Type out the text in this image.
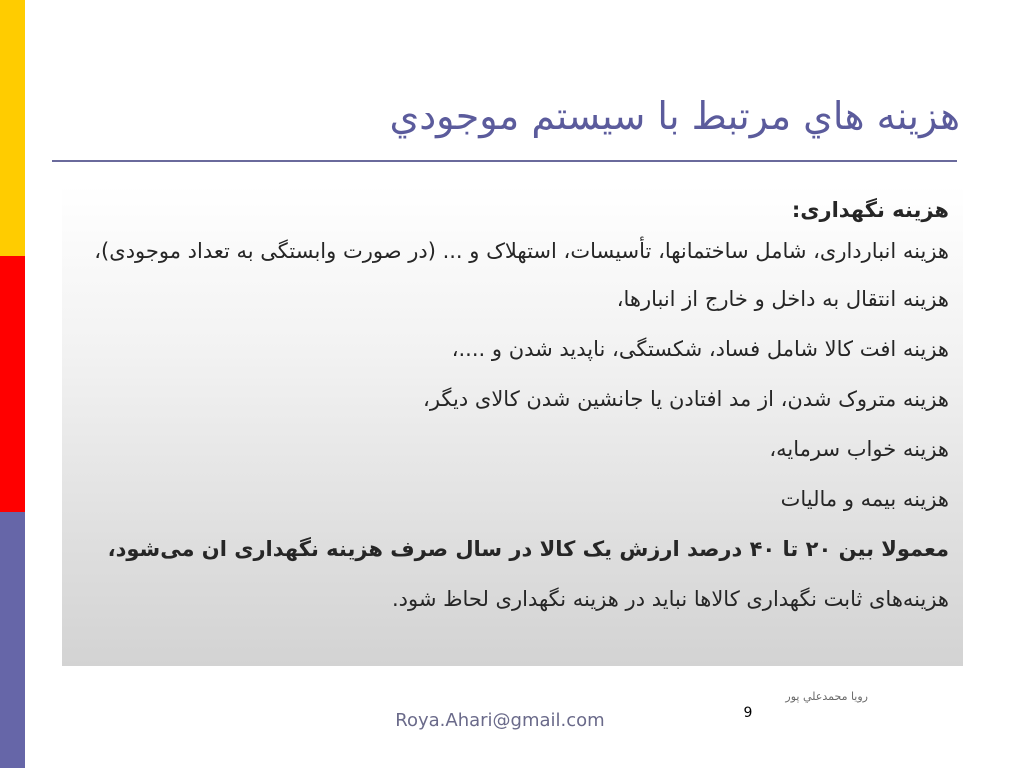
هزينه هاي مرتبط با سيستم موجودي

هزینه نگهداری:

هزینه انبارداری، شامل ساختمانها، تأسیسات، استهلاک و ... (در صورت وابستگی به تعداد موجودی)،

هزینه انتقال به داخل و خارج از انبارها،

هزینه افت کالا شامل فساد، شکستگی، ناپدید شدن و ....،

هزینه متروک شدن، از مد افتادن یا جانشین شدن کالای دیگر،

هزینه خواب سرمایه،

هزینه بیمه و مالیات

معمولا بین ۲۰ تا ۴۰ درصد ارزش یک کالا در سال صرف هزینه نگهداری ان می‌شود،

هزینه‌های ثابت نگهداری کالاها نباید در هزینه نگهداری لحاظ شود.

رويا محمدعلي پور
9
Roya.Ahari@gmail.com
